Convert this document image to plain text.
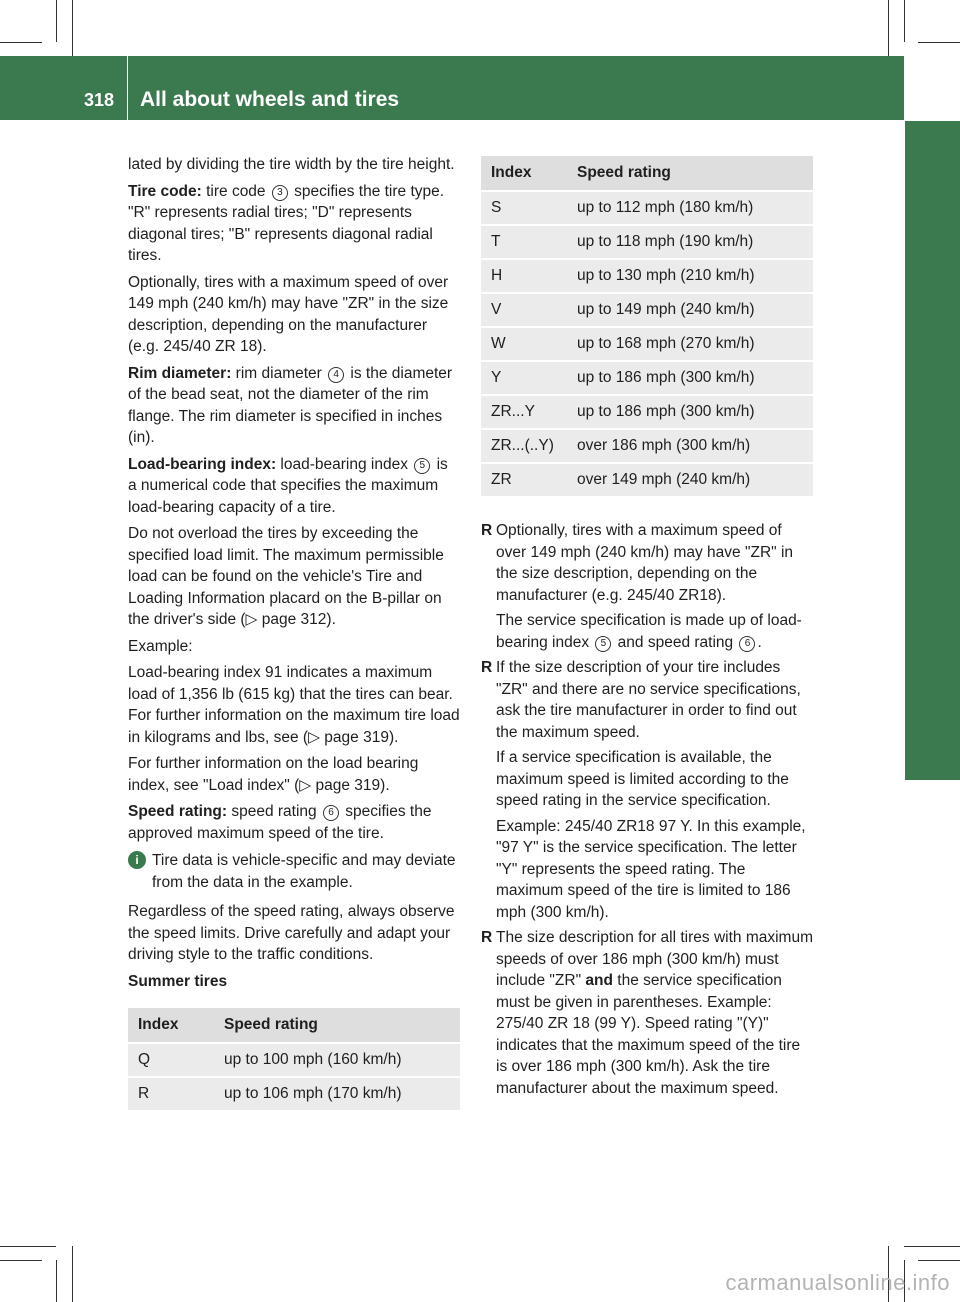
318 All about wheels and tires
Wheels and tires

lated by dividing the tire width by the tire height.

Tire code: tire code 3 specifies the tire type. "R" represents radial tires; "D" represents diagonal tires; "B" represents diagonal radial tires.

Optionally, tires with a maximum speed of over 149 mph (240 km/h) may have "ZR" in the size description, depending on the manufacturer (e.g. 245/40 ZR 18).

Rim diameter: rim diameter 4 is the diameter of the bead seat, not the diameter of the rim flange. The rim diameter is specified in inches (in).

Load-bearing index: load-bearing index 5 is a numerical code that specifies the maximum load-bearing capacity of a tire.

Do not overload the tires by exceeding the specified load limit. The maximum permissible load can be found on the vehicle's Tire and Loading Information placard on the B-pillar on the driver's side (▷ page 312).

Example:

Load-bearing index 91 indicates a maximum load of 1,356 lb (615 kg) that the tires can bear. For further information on the maximum tire load in kilograms and lbs, see (▷ page 319).

For further information on the load bearing index, see "Load index" (▷ page 319).

Speed rating: speed rating 6 specifies the approved maximum speed of the tire.

i Tire data is vehicle-specific and may deviate from the data in the example.

Regardless of the speed rating, always observe the speed limits. Drive carefully and adapt your driving style to the traffic conditions.

Summer tires

Index	Speed rating
Q	up to 100 mph (160 km/h)
R	up to 106 mph (170 km/h)
Index	Speed rating
S	up to 112 mph (180 km/h)
T	up to 118 mph (190 km/h)
H	up to 130 mph (210 km/h)
V	up to 149 mph (240 km/h)
W	up to 168 mph (270 km/h)
Y	up to 186 mph (300 km/h)
ZR...Y	up to 186 mph (300 km/h)
ZR...(..Y)	over 186 mph (300 km/h)
ZR	over 149 mph (240 km/h)
R Optionally, tires with a maximum speed of over 149 mph (240 km/h) may have "ZR" in the size description, depending on the manufacturer (e.g. 245/40 ZR18).

The service specification is made up of load-bearing index 5 and speed rating 6 .

R If the size description of your tire includes "ZR" and there are no service specifications, ask the tire manufacturer in order to find out the maximum speed.

If a service specification is available, the maximum speed is limited according to the speed rating in the service specification.

Example: 245/40 ZR18 97 Y. In this example, "97 Y" is the service specification. The letter "Y" represents the speed rating. The maximum speed of the tire is limited to 186 mph (300 km/h).

R The size description for all tires with maximum speeds of over 186 mph (300 km/h) must include "ZR" and the service specification must be given in parentheses. Example: 275/40 ZR 18 (99 Y). Speed rating "(Y)" indicates that the maximum speed of the tire is over 186 mph (300 km/h). Ask the tire manufacturer about the maximum speed.

carmanualsonline.info
